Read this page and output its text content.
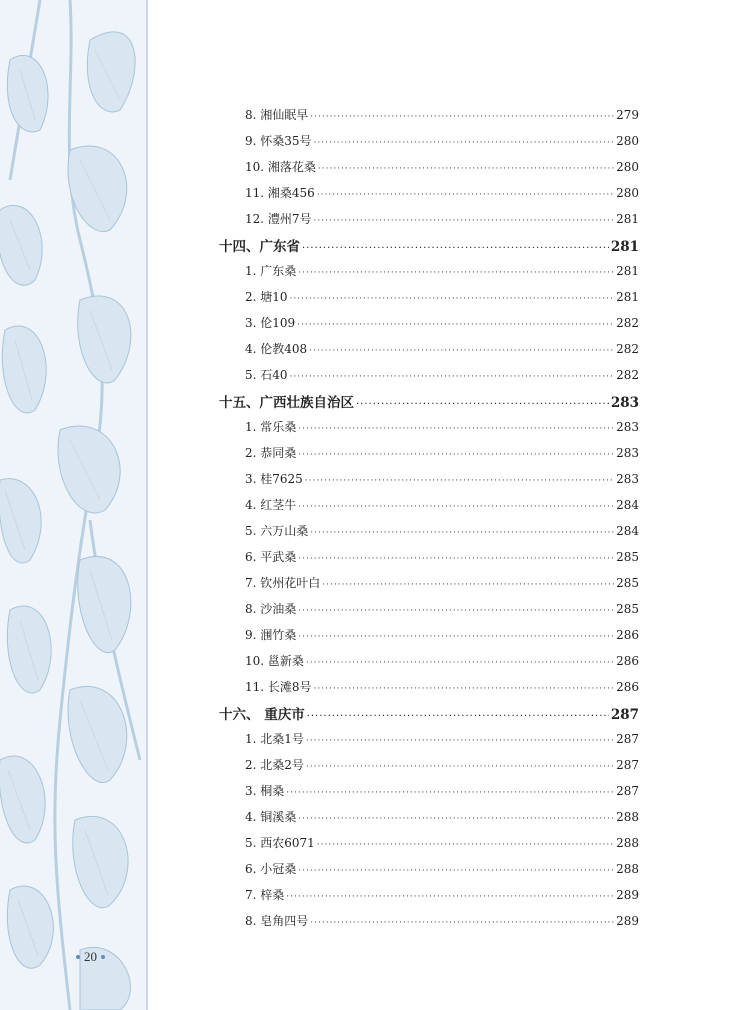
20
8. 湘仙眠早 ·····	279
9. 怀桑35号 ·····	280
10. 湘落花桑 ·····	280
11. 湘桑456 ·····	280
12. 澧州7号 ·····	281
十四、广东省 ·····	281
1. 广东桑 ·····	281
2. 塘10 ·····	281
3. 伦109 ·····	282
4. 伦教408 ·····	282
5. 石40 ·····	282
十五、广西壮族自治区 ·····	283
1. 常乐桑 ·····	283
2. 恭同桑 ·····	283
3. 桂7625 ·····	283
4. 红茎牛 ·····	284
5. 六万山桑 ·····	284
6. 平武桑 ·····	285
7. 钦州花叶白 ·····	285
8. 沙油桑 ·····	285
9. 涠竹桑 ·····	286
10. 邕新桑 ·····	286
11. 长滩8号 ·····	286
十六、 重庆市 ·····	287
1. 北桑1号 ·····	287
2. 北桑2号 ·····	287
3. 桐桑 ·····	287
4. 铜溪桑 ·····	288
5. 西农6071 ·····	288
6. 小冠桑 ·····	288
7. 梓桑 ·····	289
8. 皂角四号 ·····	289
